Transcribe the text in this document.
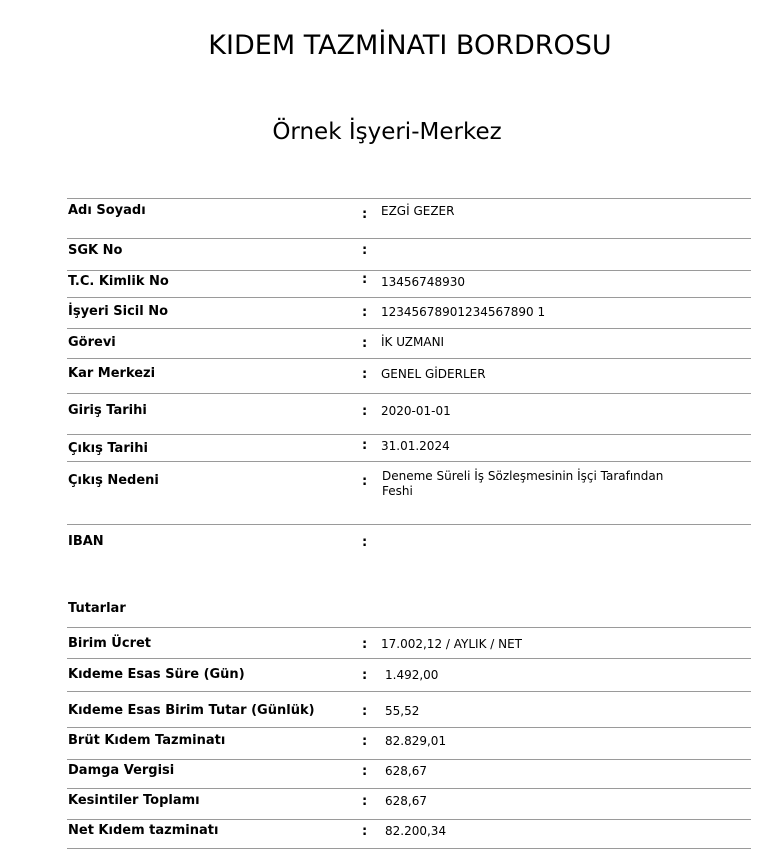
KIDEM TAZMİNATI BORDROSU
Örnek İşyeri-Merkez
Adı Soyadı	: EZGİ GEZER
SGK No	:
T.C. Kimlik No	: 13456748930
İşyeri Sicil No	: 12345678901234567890 1
Görevi	: İK UZMANI
Kar Merkezi	: GENEL GİDERLER
Giriş Tarihi	: 2020-01-01
Çıkış Tarihi	: 31.01.2024
Çıkış Nedeni	: Deneme Süreli İş Sözleşmesinin İşçi Tarafından Feshi
IBAN	:
Tutarlar
Birim Ücret	: 17.002,12 / AYLIK / NET
Kıdeme Esas Süre (Gün)	: 1.492,00
Kıdeme Esas Birim Tutar (Günlük)	: 55,52
Brüt Kıdem Tazminatı	: 82.829,01
Damga Vergisi	: 628,67
Kesintiler Toplamı	: 628,67
Net Kıdem tazminatı	: 82.200,34
